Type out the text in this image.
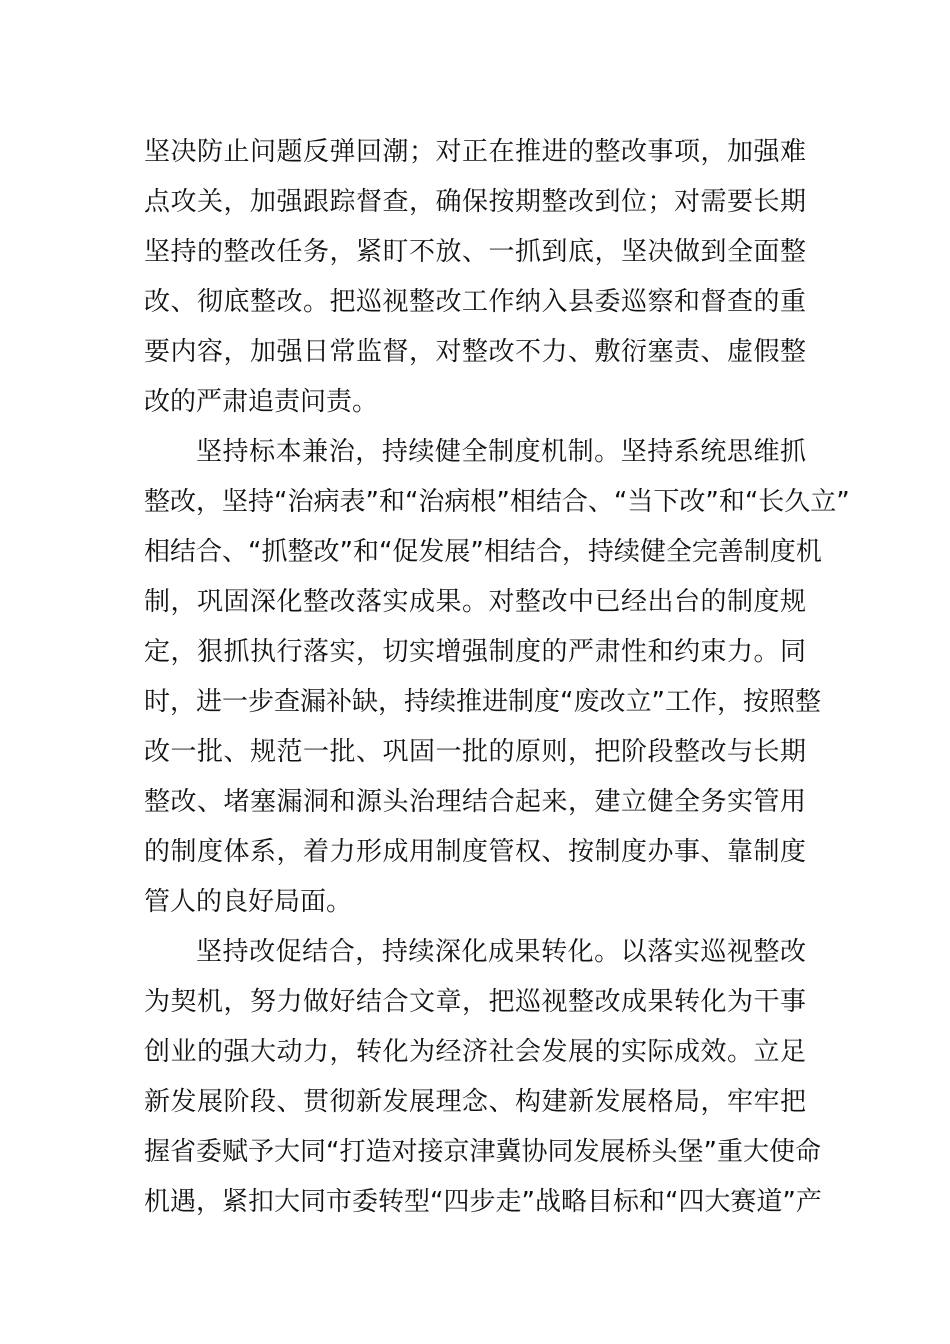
坚决防止问题反弹回潮；对正在推进的整改事项，加强难
点攻关，加强跟踪督查，确保按期整改到位；对需要长期
坚持的整改任务，紧盯不放、一抓到底，坚决做到全面整
改、彻底整改。把巡视整改工作纳入县委巡察和督查的重
要内容，加强日常监督，对整改不力、敷衍塞责、虚假整
改的严肃追责问责。
坚持标本兼治，持续健全制度机制。坚持系统思维抓
整改，坚持“治病表”和“治病根”相结合、“当下改”和“长久立”
相结合、“抓整改”和“促发展”相结合，持续健全完善制度机
制，巩固深化整改落实成果。对整改中已经出台的制度规
定，狠抓执行落实，切实增强制度的严肃性和约束力。同
时，进一步查漏补缺，持续推进制度“废改立”工作，按照整
改一批、规范一批、巩固一批的原则，把阶段整改与长期
整改、堵塞漏洞和源头治理结合起来，建立健全务实管用
的制度体系，着力形成用制度管权、按制度办事、靠制度
管人的良好局面。
坚持改促结合，持续深化成果转化。以落实巡视整改
为契机，努力做好结合文章，把巡视整改成果转化为干事
创业的强大动力，转化为经济社会发展的实际成效。立足
新发展阶段、贯彻新发展理念、构建新发展格局，牢牢把
握省委赋予大同“打造对接京津冀协同发展桥头堡”重大使命
机遇，紧扣大同市委转型“四步走”战略目标和“四大赛道”产
